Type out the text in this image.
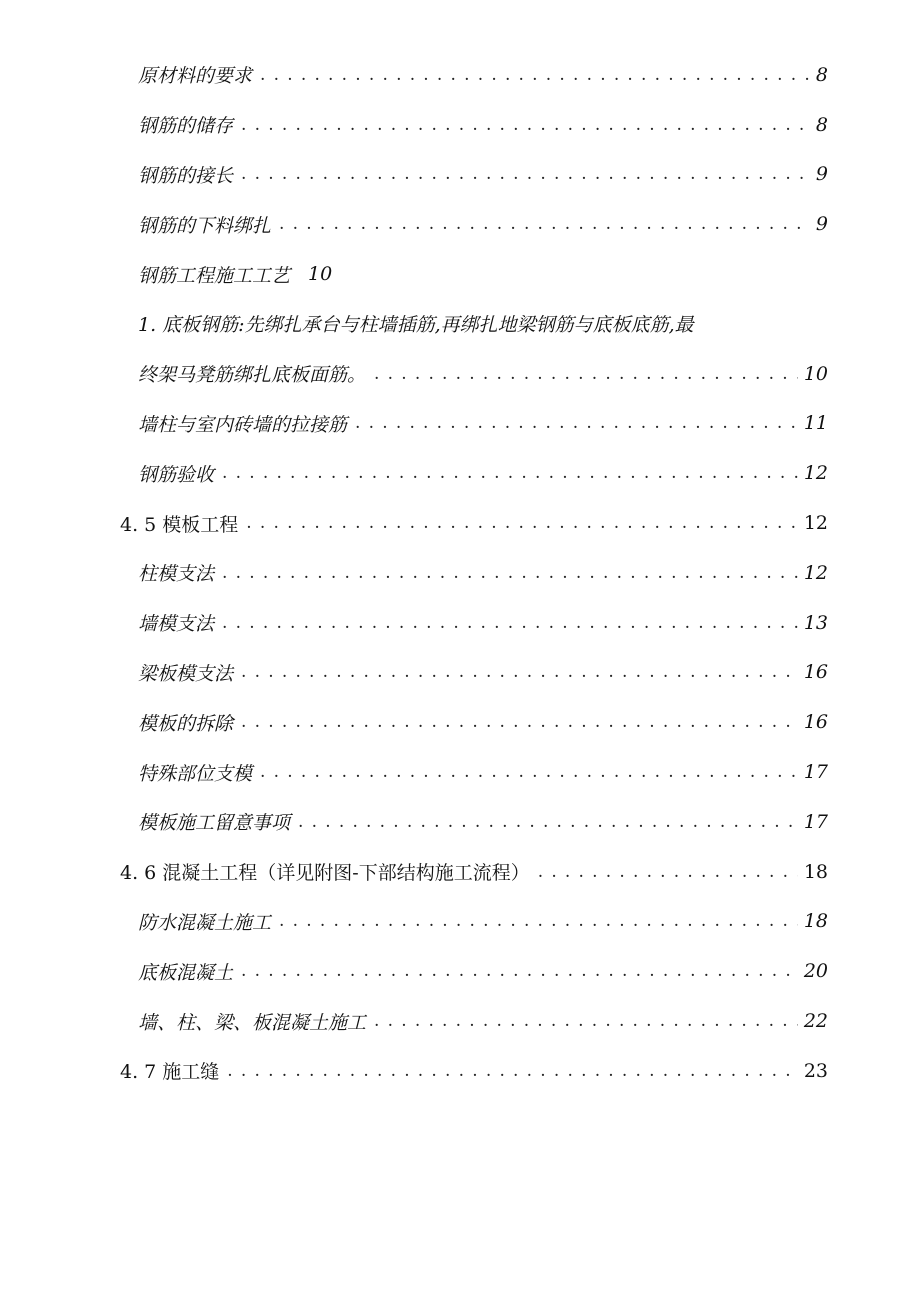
原材料的要求 . . .	8
钢筋的储存 . . .	8
钢筋的接长 . . .	9
钢筋的下料绑扎 . . .	9
钢筋工程施工工艺 10
1. 底板钢筋:先绑扎承台与柱墙插筋,再绑扎地梁钢筋与底板底筋,最
终架马凳筋绑扎底板面筋。 . . .	10
墙柱与室内砖墙的拉接筋 . . .	11
钢筋验收 . . .	12
4. 5 模板工程 . . .	12
柱模支法 . . .	12
墙模支法 . . .	13
梁板模支法 . . .	16
模板的拆除 . . .	16
特殊部位支模 . . .	17
模板施工留意事项 . . .	17
4. 6 混凝土工程（详见附图-下部结构施工流程） . . .	18
防水混凝土施工 . . .	18
底板混凝土 . . .	20
墙、柱、梁、板混凝土施工 . . .	22
4. 7 施工缝 . . .	23
